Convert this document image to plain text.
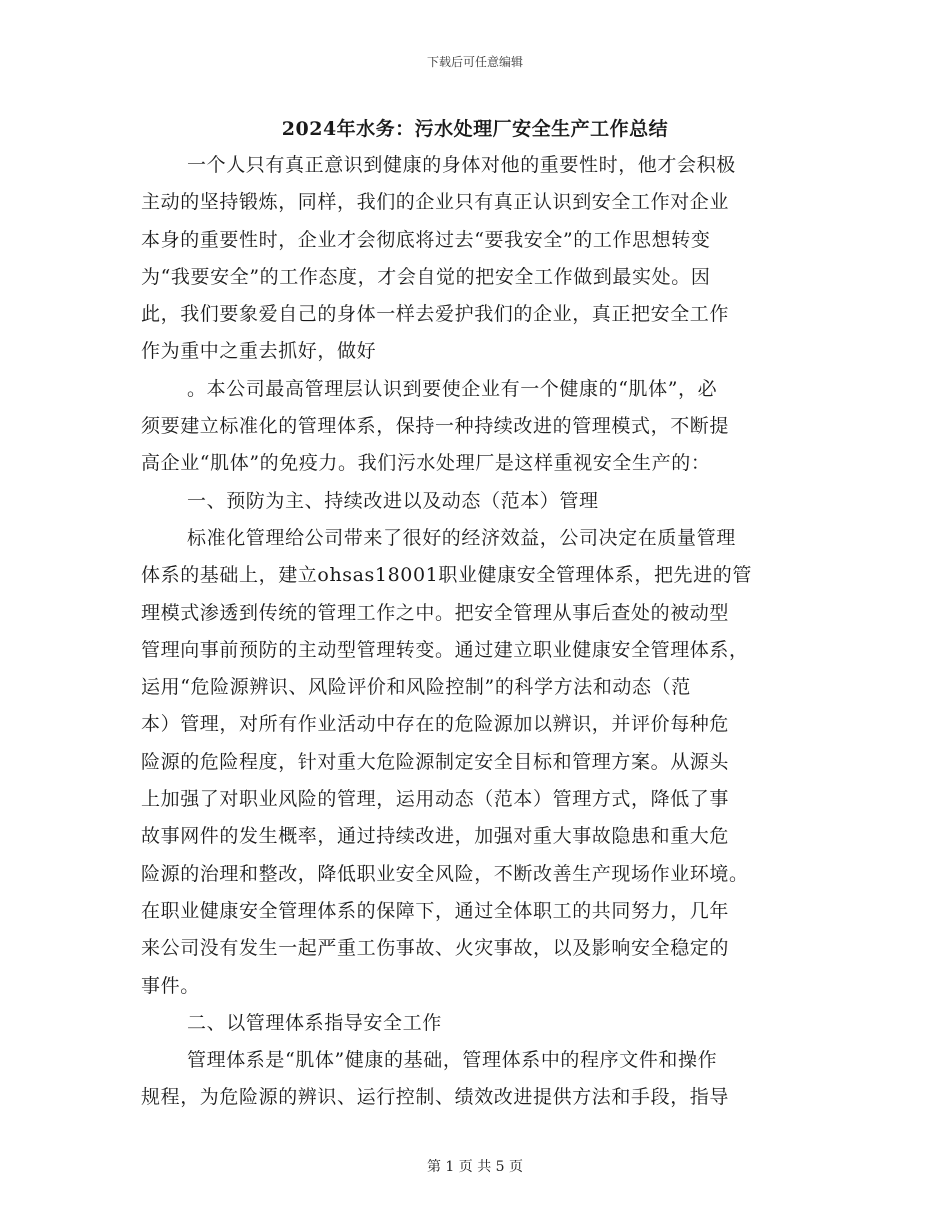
下载后可任意编辑
2024年水务：污水处理厂安全生产工作总结
一个人只有真正意识到健康的身体对他的重要性时，他才会积极
主动的坚持锻炼，同样，我们的企业只有真正认识到安全工作对企业
本身的重要性时，企业才会彻底将过去“要我安全”的工作思想转变
为“我要安全”的工作态度，才会自觉的把安全工作做到最实处。因
此，我们要象爱自己的身体一样去爱护我们的企业，真正把安全工作
作为重中之重去抓好，做好
。本公司最高管理层认识到要使企业有一个健康的“肌体”，必
须要建立标准化的管理体系，保持一种持续改进的管理模式，不断提
高企业“肌体”的免疫力。我们污水处理厂是这样重视安全生产的：
一、预防为主、持续改进以及动态（范本）管理
标准化管理给公司带来了很好的经济效益，公司决定在质量管理
体系的基础上，建立ohsas18001职业健康安全管理体系，把先进的管
理模式渗透到传统的管理工作之中。把安全管理从事后查处的被动型
管理向事前预防的主动型管理转变。通过建立职业健康安全管理体系，
运用“危险源辨识、风险评价和风险控制”的科学方法和动态（范
本）管理，对所有作业活动中存在的危险源加以辨识，并评价每种危
险源的危险程度，针对重大危险源制定安全目标和管理方案。从源头
上加强了对职业风险的管理，运用动态（范本）管理方式，降低了事
故事网件的发生概率，通过持续改进，加强对重大事故隐患和重大危
险源的治理和整改，降低职业安全风险，不断改善生产现场作业环境。
在职业健康安全管理体系的保障下，通过全体职工的共同努力，几年
来公司没有发生一起严重工伤事故、火灾事故，以及影响安全稳定的
事件。
二、以管理体系指导安全工作
管理体系是“肌体”健康的基础，管理体系中的程序文件和操作
规程，为危险源的辨识、运行控制、绩效改进提供方法和手段，指导
第 1 页 共 5 页
